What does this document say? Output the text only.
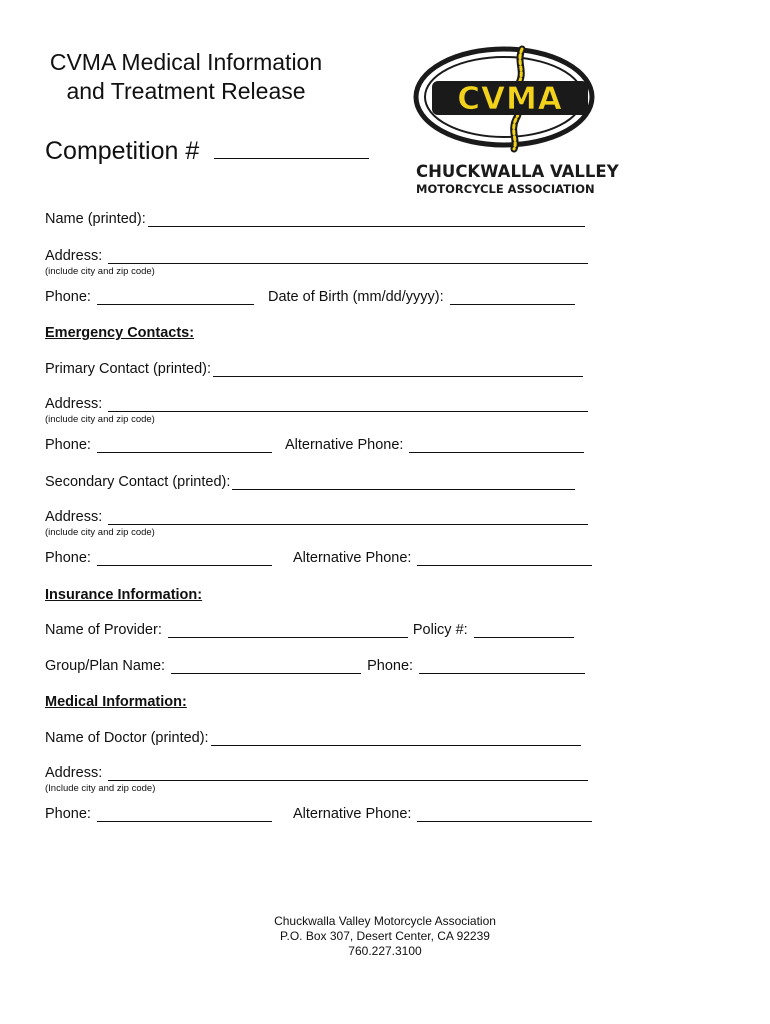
CVMA Medical Information
and Treatment Release
Competition #
CVMA
CHUCKWALLA VALLEY
MOTORCYCLE ASSOCIATION
Name (printed):
Address:
(include city and zip code)
Phone:	Date of Birth (mm/dd/yyyy):
Emergency Contacts:
Primary Contact (printed):
Address:
(include city and zip code)
Phone:	Alternative Phone:
Secondary Contact (printed):
Address:
(include city and zip code)
Phone:	Alternative Phone:
Insurance Information:
Name of Provider:	Policy #:
Group/Plan Name:	Phone:
Medical Information:
Name of Doctor (printed):
Address:
(Include city and zip code)
Phone:	Alternative Phone:
Chuckwalla Valley Motorcycle Association
P.O. Box 307, Desert Center, CA 92239
760.227.3100
